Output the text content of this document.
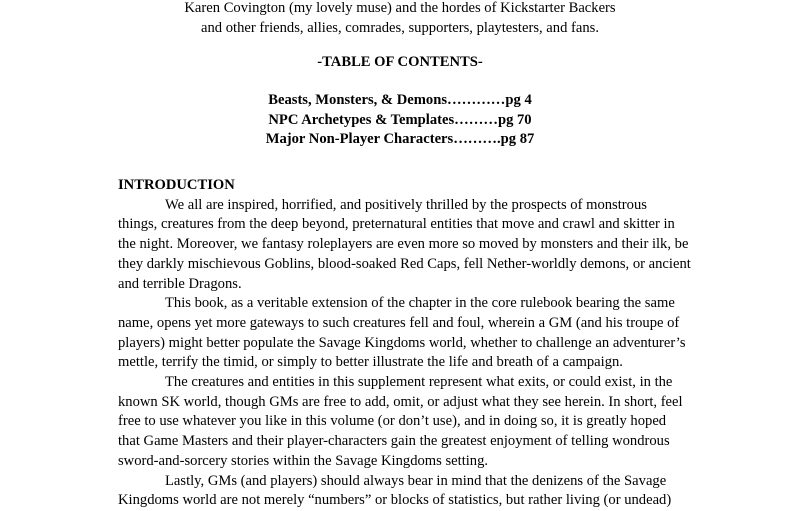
Karen Covington (my lovely muse) and the hordes of Kickstarter Backers
and other friends, allies, comrades, supporters, playtesters, and fans.
-TABLE OF CONTENTS-
Beasts, Monsters, & Demons…………pg 4
NPC Archetypes & Templates………pg 70
Major Non-Player Characters……….pg 87
INTRODUCTION
We all are inspired, horrified, and positively thrilled by the prospects of monstrous
things, creatures from the deep beyond, preternatural entities that move and crawl and skitter in
the night. Moreover, we fantasy roleplayers are even more so moved by monsters and their ilk, be
they darkly mischievous Goblins, blood-soaked Red Caps, fell Nether-worldly demons, or ancient
and terrible Dragons.
This book, as a veritable extension of the chapter in the core rulebook bearing the same
name, opens yet more gateways to such creatures fell and foul, wherein a GM (and his troupe of
players) might better populate the Savage Kingdoms world, whether to challenge an adventurer’s
mettle, terrify the timid, or simply to better illustrate the life and breath of a campaign.
The creatures and entities in this supplement represent what exits, or could exist, in the
known SK world, though GMs are free to add, omit, or adjust what they see herein. In short, feel
free to use whatever you like in this volume (or don’t use), and in doing so, it is greatly hoped
that Game Masters and their player-characters gain the greatest enjoyment of telling wondrous
sword-and-sorcery stories within the Savage Kingdoms setting.
Lastly, GMs (and players) should always bear in mind that the denizens of the Savage
Kingdoms world are not merely “numbers” or blocks of statistics, but rather living (or undead)
